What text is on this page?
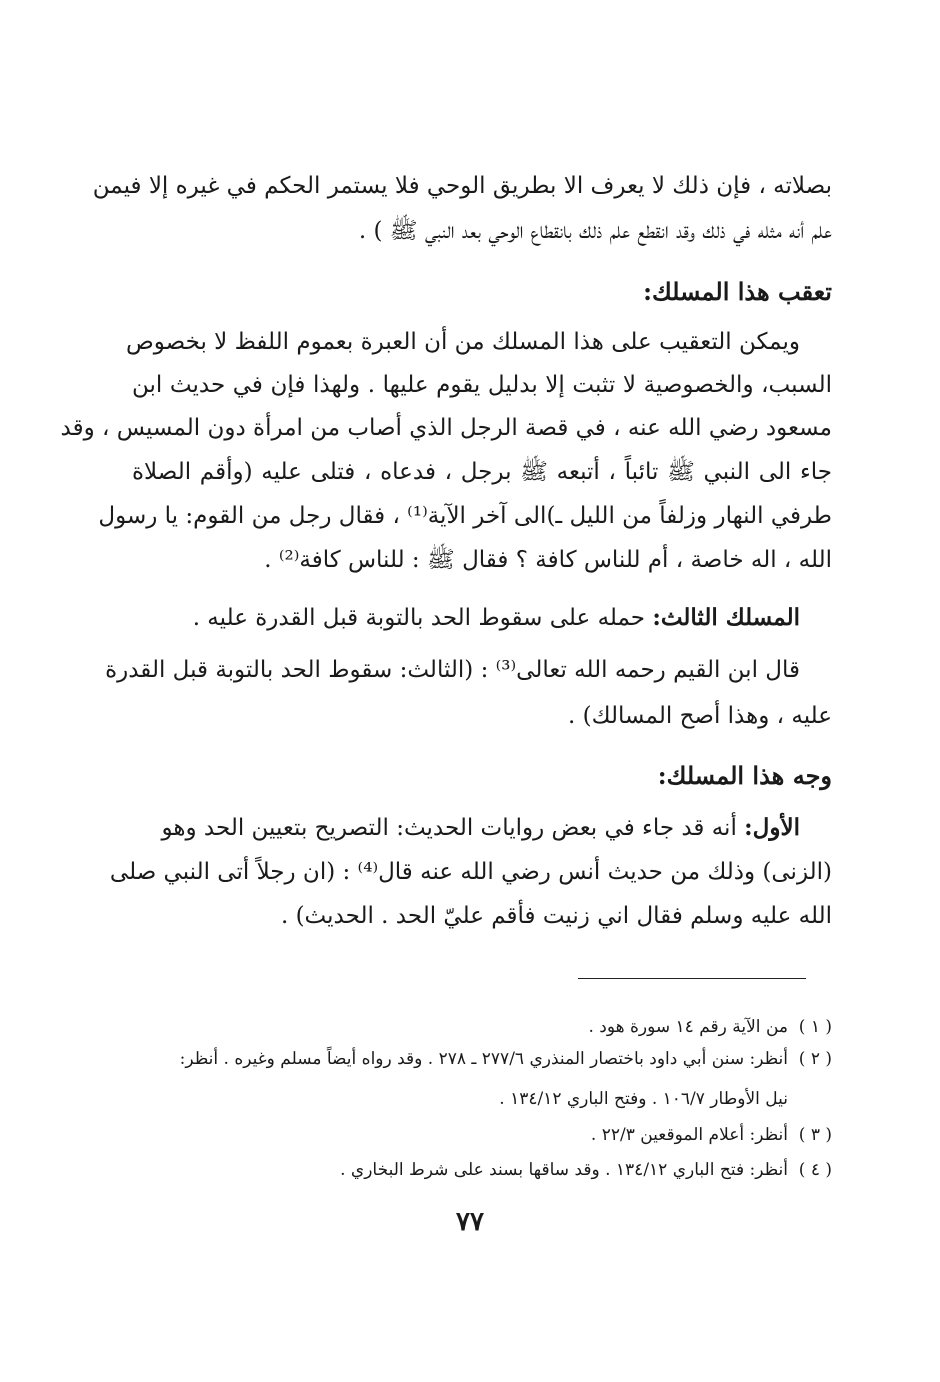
بصلاته ، فإن ذلك لا يعرف الا بطريق الوحي فلا يستمر الحكم في غيره إلا فيمن
علم أنه مثله في ذلك وقد انقطع علم ذلك بانقطاع الوحي بعد النبي ﷺ ) .
تعقب هذا المسلك:
ويمكن التعقيب على هذا المسلك من أن العبرة بعموم اللفظ لا بخصوص
السبب، والخصوصية لا تثبت إلا بدليل يقوم عليها . ولهذا فإن في حديث ابن
مسعود رضي الله عنه ، في قصة الرجل الذي أصاب من امرأة دون المسيس ، وقد
جاء الى النبي ﷺ تائباً ، أتبعه ﷺ برجل ، فدعاه ، فتلى عليه (وأقم الصلاة
طرفي النهار وزلفاً من الليل ـ)الى آخر الآية⁽¹⁾ ، فقال رجل من القوم: يا رسول
الله ، اله خاصة ، أم للناس كافة ؟ فقال ﷺ : للناس كافة⁽²⁾ .
المسلك الثالث: حمله على سقوط الحد بالتوبة قبل القدرة عليه .
قال ابن القيم رحمه الله تعالى⁽³⁾ : (الثالث: سقوط الحد بالتوبة قبل القدرة
عليه ، وهذا أصح المسالك) .
وجه هذا المسلك:
الأول: أنه قد جاء في بعض روايات الحديث: التصريح بتعيين الحد وهو
(الزنى) وذلك من حديث أنس رضي الله عنه قال⁽⁴⁾ : (ان رجلاً أتى النبي صلى
الله عليه وسلم فقال اني زنيت فأقم عليّ الحد . الحديث) .
( ١ )من الآية رقم ١٤ سورة هود .
( ٢ )أنظر: سنن أبي داود باختصار المنذري ٢٧٧/٦ ـ ٢٧٨ . وقد رواه أيضاً مسلم وغيره . أنظر:
نيل الأوطار ١٠٦/٧ . وفتح الباري ١٣٤/١٢ .
( ٣ )أنظر: أعلام الموقعين ٢٢/٣ .
( ٤ )أنظر: فتح الباري ١٣٤/١٢ . وقد ساقها بسند على شرط البخاري .
٧٧
